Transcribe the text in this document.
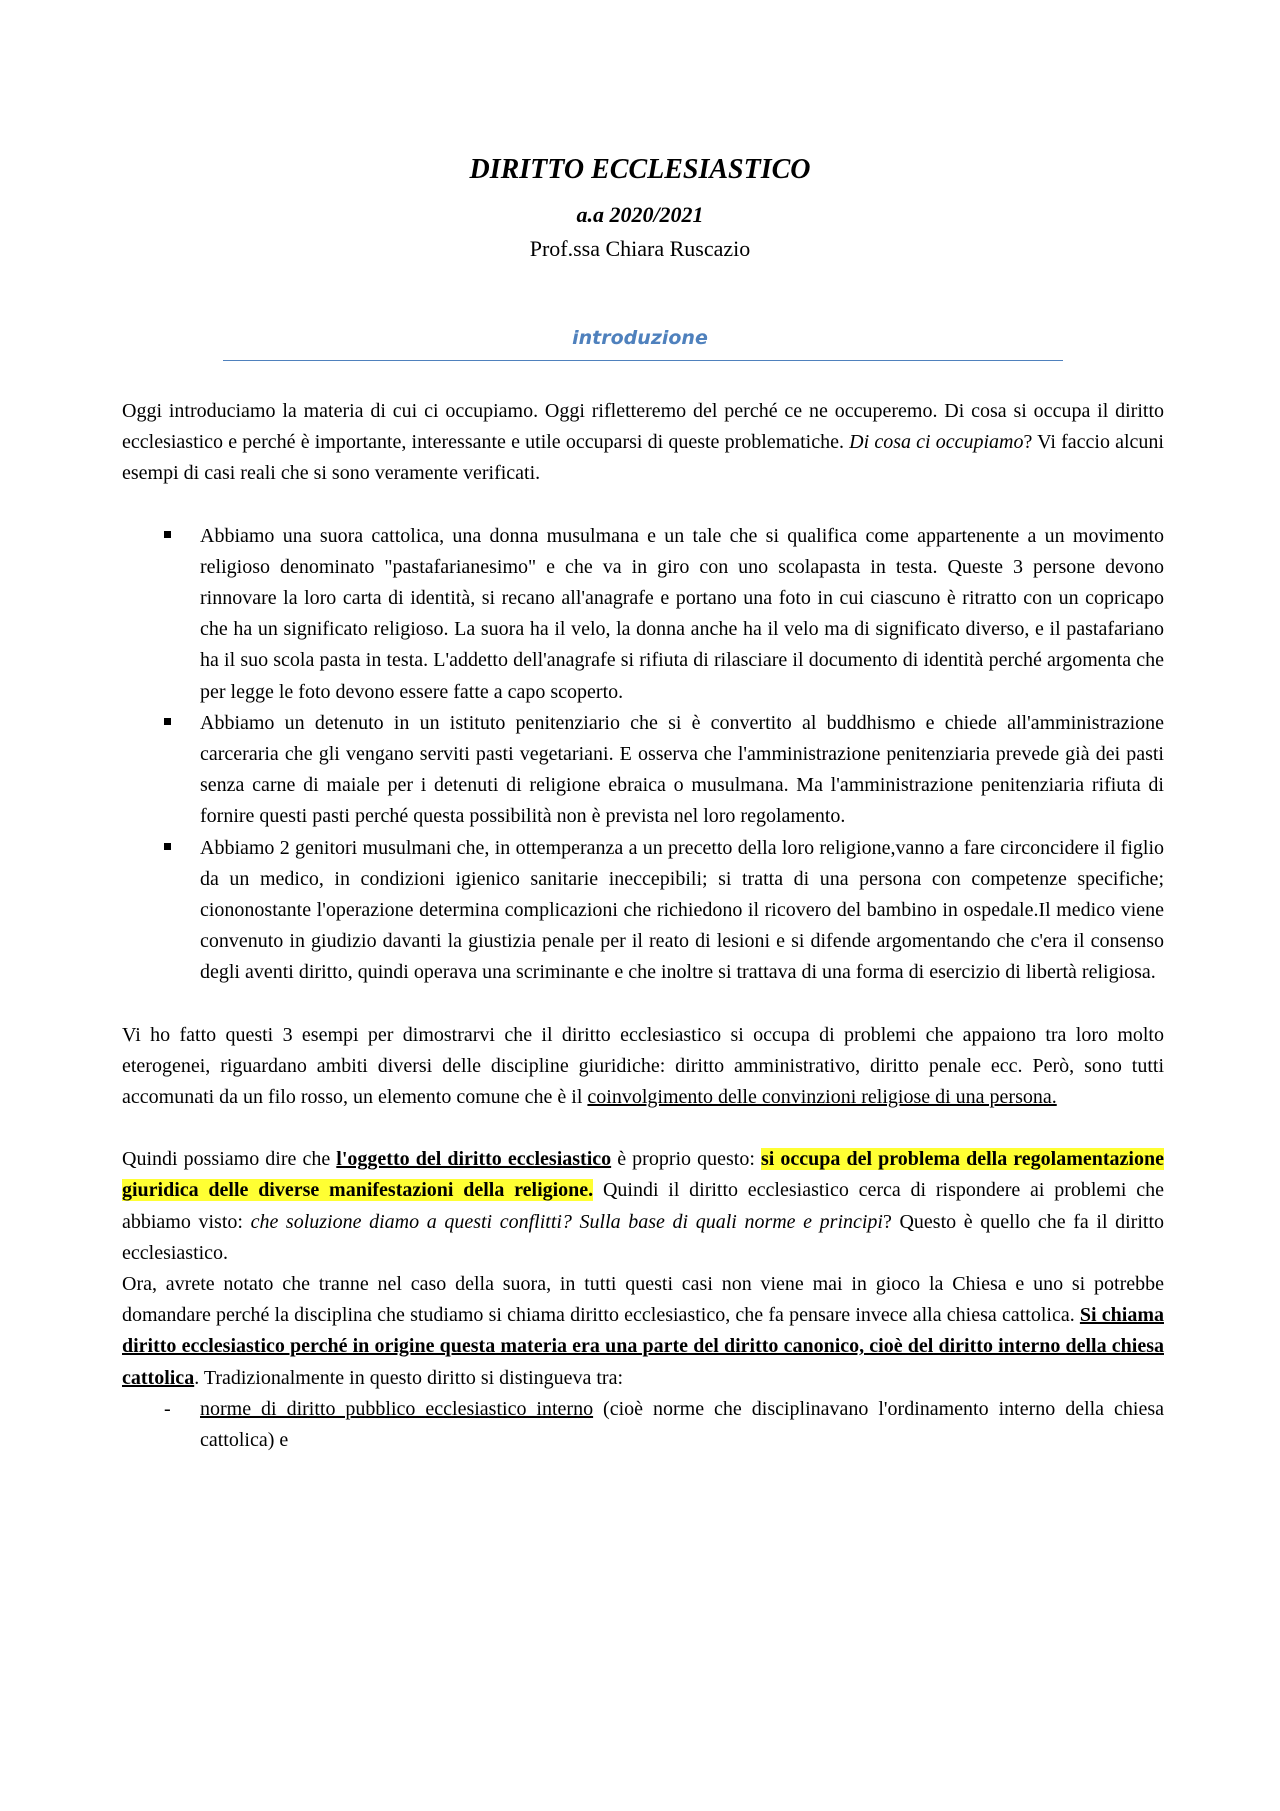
DIRITTO ECCLESIASTICO
a.a 2020/2021
Prof.ssa Chiara Ruscazio
introduzione

Oggi introduciamo la materia di cui ci occupiamo. Oggi rifletteremo del perché ce ne occuperemo. Di cosa si occupa il diritto ecclesiastico e perché è importante, interessante e utile occuparsi di queste problematiche. Di cosa ci occupiamo? Vi faccio alcuni esempi di casi reali che si sono veramente verificati.

Abbiamo una suora cattolica, una donna musulmana e un tale che si qualifica come appartenente a un movimento religioso denominato "pastafarianesimo" e che va in giro con uno scolapasta in testa. Queste 3 persone devono rinnovare la loro carta di identità, si recano all'anagrafe e portano una foto in cui ciascuno è ritratto con un copricapo che ha un significato religioso. La suora ha il velo, la donna anche ha il velo ma di significato diverso, e il pastafariano ha il suo scola pasta in testa. L'addetto dell'anagrafe si rifiuta di rilasciare il documento di identità perché argomenta che per legge le foto devono essere fatte a capo scoperto.
Abbiamo un detenuto in un istituto penitenziario che si è convertito al buddhismo e chiede all'amministrazione carceraria che gli vengano serviti pasti vegetariani. E osserva che l'amministrazione penitenziaria prevede già dei pasti senza carne di maiale per i detenuti di religione ebraica o musulmana. Ma l'amministrazione penitenziaria rifiuta di fornire questi pasti perché questa possibilità non è prevista nel loro regolamento.
Abbiamo 2 genitori musulmani che, in ottemperanza a un precetto della loro religione,vanno a fare circoncidere il figlio da un medico, in condizioni igienico sanitarie ineccepibili; si tratta di una persona con competenze specifiche; ciononostante l'operazione determina complicazioni che richiedono il ricovero del bambino in ospedale.Il medico viene convenuto in giudizio davanti la giustizia penale per il reato di lesioni e si difende argomentando che c'era il consenso degli aventi diritto, quindi operava una scriminante e che inoltre si trattava di una forma di esercizio di libertà religiosa.

Vi ho fatto questi 3 esempi per dimostrarvi che il diritto ecclesiastico si occupa di problemi che appaiono tra loro molto eterogenei, riguardano ambiti diversi delle discipline giuridiche: diritto amministrativo, diritto penale ecc. Però, sono tutti accomunati da un filo rosso, un elemento comune che è il coinvolgimento delle convinzioni religiose di una persona.

Quindi possiamo dire che l'oggetto del diritto ecclesiastico è proprio questo: si occupa del problema della regolamentazione giuridica delle diverse manifestazioni della religione. Quindi il diritto ecclesiastico cerca di rispondere ai problemi che abbiamo visto: che soluzione diamo a questi conflitti? Sulla base di quali norme e principi? Questo è quello che fa il diritto ecclesiastico.

Ora, avrete notato che tranne nel caso della suora, in tutti questi casi non viene mai in gioco la Chiesa e uno si potrebbe domandare perché la disciplina che studiamo si chiama diritto ecclesiastico, che fa pensare invece alla chiesa cattolica. Si chiama diritto ecclesiastico perché in origine questa materia era una parte del diritto canonico, cioè del diritto interno della chiesa cattolica. Tradizionalmente in questo diritto si distingueva tra:

- norme di diritto pubblico ecclesiastico interno (cioè norme che disciplinavano l'ordinamento interno della chiesa cattolica) e
